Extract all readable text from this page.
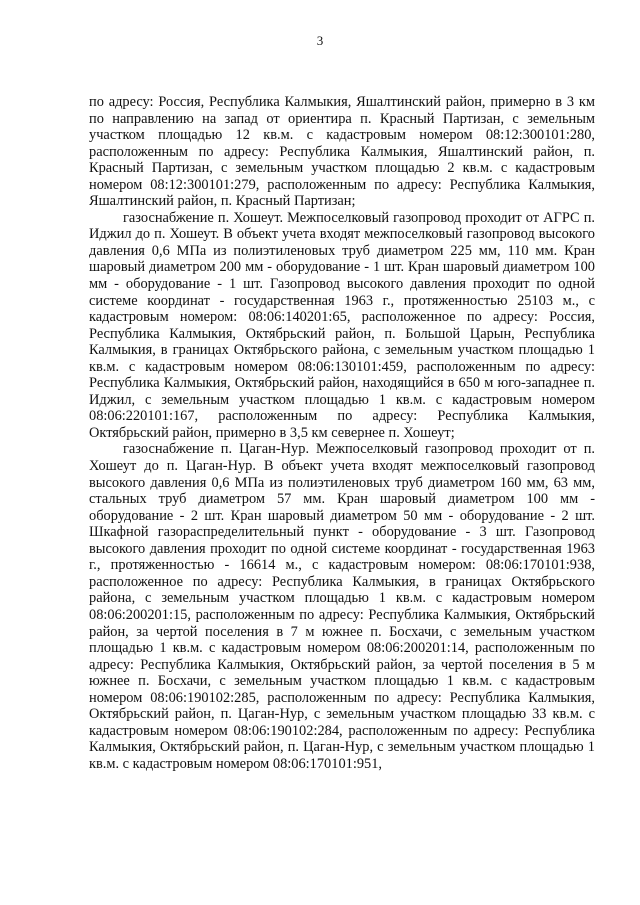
3

по адресу: Россия, Республика Калмыкия, Яшалтинский район, примерно в 3 км по направлению на запад от ориентира п. Красный Партизан, с земельным участком площадью 12 кв.м. с кадастровым номером 08:12:300101:280, расположенным по адресу: Республика Калмыкия, Яшалтинский район, п. Красный Партизан, с земельным участком площадью 2 кв.м. с кадастровым номером 08:12:300101:279, расположенным по адресу: Республика Калмыкия, Яшалтинский район, п. Красный Партизан;

газоснабжение п. Хошеут. Межпоселковый газопровод проходит от АГРС п. Иджил до п. Хошеут. В объект учета входят межпоселковый газопровод высокого давления 0,6 МПа из полиэтиленовых труб диаметром 225 мм, 110 мм. Кран шаровый диаметром 200 мм - оборудование - 1 шт. Кран шаровый диаметром 100 мм - оборудование - 1 шт. Газопровод высокого давления проходит по одной системе координат - государственная 1963 г., протяженностью 25103 м., с кадастровым номером: 08:06:140201:65, расположенное по адресу: Россия, Республика Калмыкия, Октябрьский район, п. Большой Царын, Республика Калмыкия, в границах Октябрьского района, с земельным участком площадью 1 кв.м. с кадастровым номером 08:06:130101:459, расположенным по адресу: Республика Калмыкия, Октябрьский район, находящийся в 650 м юго-западнее п. Иджил, с земельным участком площадью 1 кв.м. с кадастровым номером 08:06:220101:167, расположенным по адресу: Республика Калмыкия, Октябрьский район, примерно в 3,5 км севернее п. Хошеут;

газоснабжение п. Цаган-Нур. Межпоселковый газопровод проходит от п. Хошеут до п. Цаган-Нур. В объект учета входят межпоселковый газопровод высокого давления 0,6 МПа из полиэтиленовых труб диаметром 160 мм, 63 мм, стальных труб диаметром 57 мм. Кран шаровый диаметром 100 мм - оборудование - 2 шт. Кран шаровый диаметром 50 мм - оборудование - 2 шт. Шкафной газораспределительный пункт - оборудование - 3 шт. Газопровод высокого давления проходит по одной системе координат - государственная 1963 г., протяженностью - 16614 м., с кадастровым номером: 08:06:170101:938, расположенное по адресу: Республика Калмыкия, в границах Октябрьского района, с земельным участком площадью 1 кв.м. с кадастровым номером 08:06:200201:15, расположенным по адресу: Республика Калмыкия, Октябрьский район, за чертой поселения в 7 м южнее п. Босхачи, с земельным участком площадью 1 кв.м. с кадастровым номером 08:06:200201:14, расположенным по адресу: Республика Калмыкия, Октябрьский район, за чертой поселения в 5 м южнее п. Босхачи, с земельным участком площадью 1 кв.м. с кадастровым номером 08:06:190102:285, расположенным по адресу: Республика Калмыкия, Октябрьский район, п. Цаган-Нур, с земельным участком площадью 33 кв.м. с кадастровым номером 08:06:190102:284, расположенным по адресу: Республика Калмыкия, Октябрьский район, п. Цаган-Нур, с земельным участком площадью 1 кв.м. с кадастровым номером 08:06:170101:951,
